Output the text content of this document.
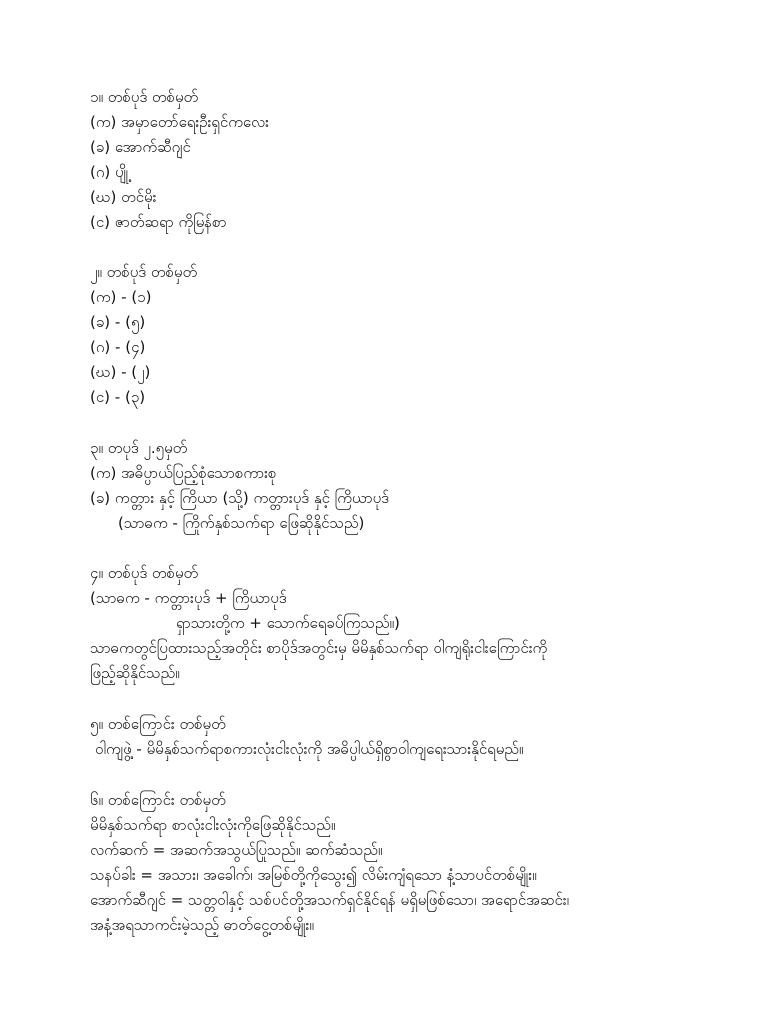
၁။ တစ်ပုဒ် တစ်မှတ်
(က) အမှာတော်ရေးဦးရှင်ကလေး
(ခ) အောက်ဆီဂျင်
(ဂ) ပျို့
(ဃ) တင်မိုး
(င) ဇာတ်ဆရာ ကိုမြန်စာ
၂။ တစ်ပုဒ် တစ်မှတ်
(က) - (၁)
(ခ) - (၅)
(ဂ) - (၄)
(ဃ) - (၂)
(င) - (၃)
၃။ တပုဒ် ၂.၅မှတ်
(က) အဓိပ္ပာယ်ပြည့်စုံသောစကားစု
(ခ) ကတ္တား နှင့် ကြိယာ (သို့) ကတ္တားပုဒ် နှင့် ကြိယာပုဒ်
(သာဓက - ကြိုက်နှစ်သက်ရာ ဖြေဆိုနိုင်သည်)
၄။ တစ်ပုဒ် တစ်မှတ်
(သာဓက - ကတ္တားပုဒ် + ကြိယာပုဒ်
ရှာသားတို့က + သောက်ရေခပ်ကြသည်။)
သာဓကတွင်ပြထားသည့်အတိုင်း စာပိုဒ်အတွင်းမှ မိမိနှစ်သက်ရာ ဝါကျရိုးငါးကြောင်းကို
ဖြည့်ဆိုနိုင်သည်။
၅။ တစ်ကြောင်း တစ်မှတ်
ဝါကျဖွဲ့ - မိမိနှစ်သက်ရာစကားလုံးငါးလုံးကို အဓိပ္ပါယ်ရှိစွာဝါကျရေးသားနိုင်ရမည်။
၆။ တစ်ကြောင်း တစ်မှတ်
မိမိနှစ်သက်ရာ စာလုံးငါးလုံးကိုဖြေဆိုနိုင်သည်။
လက်ဆက် = အဆက်အသွယ်ပြုသည်။ ဆက်ဆံသည်။
သနပ်ခါး = အသား၊ အခေါက်၊ အမြစ်တို့ကိုသွေး၍ လိမ်းကျံရသော နံ့သာပင်တစ်မျိုး။
အောက်ဆီဂျင် = သတ္တဝါနှင့် သစ်ပင်တို့အသက်ရှင်နိုင်ရန် မရှိမဖြစ်သော၊ အရောင်အဆင်း၊
အနံ့အရသာကင်းမဲ့သည့် ဓာတ်ငွေ့တစ်မျိုး။
